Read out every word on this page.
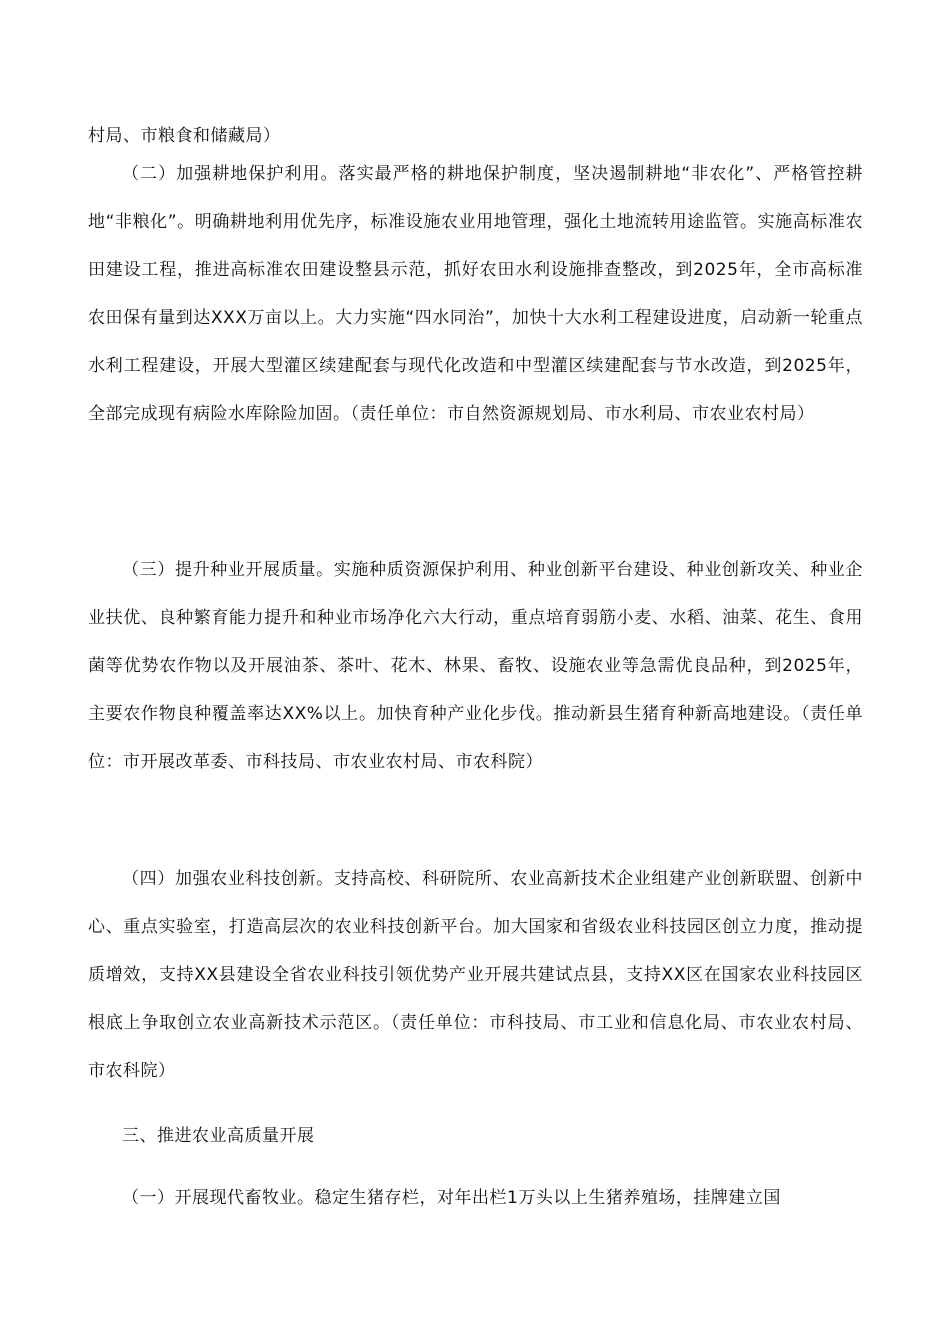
村局、市粮食和储藏局）

（二）加强耕地保护利用。落实最严格的耕地保护制度，坚决遏制耕地“非农化”、严格管控耕地“非粮化”。明确耕地利用优先序，标准设施农业用地管理，强化土地流转用途监管。实施高标准农田建设工程，推进高标准农田建设整县示范，抓好农田水利设施排查整改，到2025年，全市高标准农田保有量到达XXX万亩以上。大力实施“四水同治”，加快十大水利工程建设进度，启动新一轮重点水利工程建设，开展大型灌区续建配套与现代化改造和中型灌区续建配套与节水改造，到2025年，全部完成现有病险水库除险加固。（责任单位：市自然资源规划局、市水利局、市农业农村局）

（三）提升种业开展质量。实施种质资源保护利用、种业创新平台建设、种业创新攻关、种业企业扶优、良种繁育能力提升和种业市场净化六大行动，重点培育弱筋小麦、水稻、油菜、花生、食用菌等优势农作物以及开展油茶、茶叶、花木、林果、畜牧、设施农业等急需优良品种，到2025年，主要农作物良种覆盖率达XX%以上。加快育种产业化步伐。推动新县生猪育种新高地建设。（责任单位：市开展改革委、市科技局、市农业农村局、市农科院）

（四）加强农业科技创新。支持高校、科研院所、农业高新技术企业组建产业创新联盟、创新中心、重点实验室，打造高层次的农业科技创新平台。加大国家和省级农业科技园区创立力度，推动提质增效，支持XX县建设全省农业科技引领优势产业开展共建试点县，支持XX区在国家农业科技园区根底上争取创立农业高新技术示范区。（责任单位：市科技局、市工业和信息化局、市农业农村局、市农科院）

三、推进农业高质量开展

（一）开展现代畜牧业。稳定生猪存栏，对年出栏1万头以上生猪养殖场，挂牌建立国
